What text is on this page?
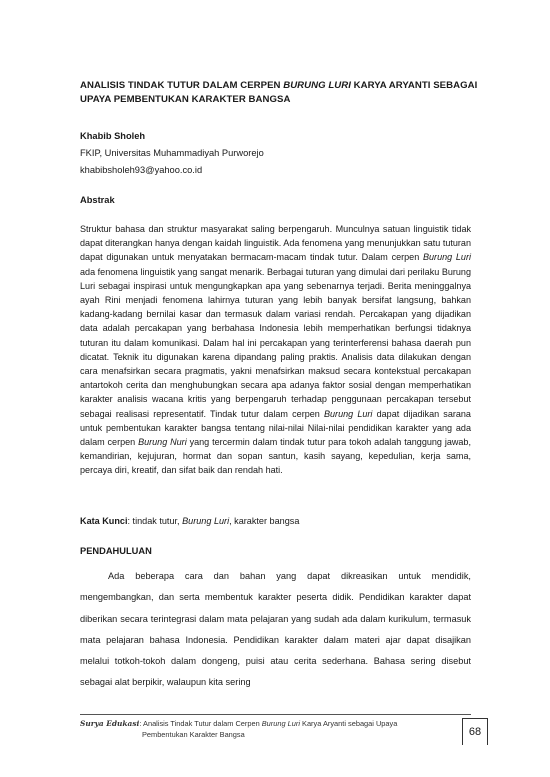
ANALISIS TINDAK TUTUR DALAM CERPEN BURUNG LURI KARYA ARYANTI SEBAGAI UPAYA PEMBENTUKAN KARAKTER BANGSA
Khabib Sholeh
FKIP, Universitas Muhammadiyah Purworejo
khabibsholeh93@yahoo.co.id
Abstrak
Struktur bahasa dan struktur masyarakat saling berpengaruh. Munculnya satuan linguistik tidak dapat diterangkan hanya dengan kaidah linguistik. Ada fenomena yang menunjukkan satu tuturan dapat digunakan untuk menyatakan bermacam-macam tindak tutur. Dalam cerpen Burung Luri ada fenomena linguistik yang sangat menarik. Berbagai tuturan yang dimulai dari perilaku Burung Luri sebagai inspirasi untuk mengungkapkan apa yang sebenarnya terjadi. Berita meninggalnya ayah Rini menjadi fenomena lahirnya tuturan yang lebih banyak bersifat langsung, bahkan kadang-kadang bernilai kasar dan termasuk dalam variasi rendah. Percakapan yang dijadikan data adalah percakapan yang berbahasa Indonesia lebih memperhatikan berfungsi tidaknya tuturan itu dalam komunikasi. Dalam hal ini percakapan yang terinterferensi bahasa daerah pun dicatat. Teknik itu digunakan karena dipandang paling praktis. Analisis data dilakukan dengan cara menafsirkan secara pragmatis, yakni menafsirkan maksud secara kontekstual percakapan antartokoh cerita dan menghubungkan secara apa adanya faktor sosial dengan memperhatikan karakter analisis wacana kritis yang berpengaruh terhadap penggunaan percakapan tersebut sebagai realisasi representatif. Tindak tutur dalam cerpen Burung Luri dapat dijadikan sarana untuk pembentukan karakter bangsa tentang nilai-nilai Nilai-nilai pendidikan karakter yang ada dalam cerpen Burung Nuri yang tercermin dalam tindak tutur para tokoh adalah tanggung jawab, kemandirian, kejujuran, hormat dan sopan santun, kasih sayang, kepedulian, kerja sama, percaya diri, kreatif, dan sifat baik dan rendah hati.
Kata Kunci: tindak tutur, Burung Luri, karakter bangsa
PENDAHULUAN

Ada beberapa cara dan bahan yang dapat dikreasikan untuk mendidik, mengembangkan, dan serta membentuk karakter peserta didik. Pendidikan karakter dapat diberikan secara terintegrasi dalam mata pelajaran yang sudah ada dalam kurikulum, termasuk mata pelajaran bahasa Indonesia. Pendidikan karakter dalam materi ajar dapat disajikan melalui totkoh-tokoh dalam dongeng, puisi atau cerita sederhana. Bahasa sering disebut sebagai alat berpikir, walaupun kita sering

Surya Edukasi: Analisis Tindak Tutur dalam Cerpen Burung Luri Karya Aryanti sebagai Upaya
Pembentukan Karakter Bangsa	68
